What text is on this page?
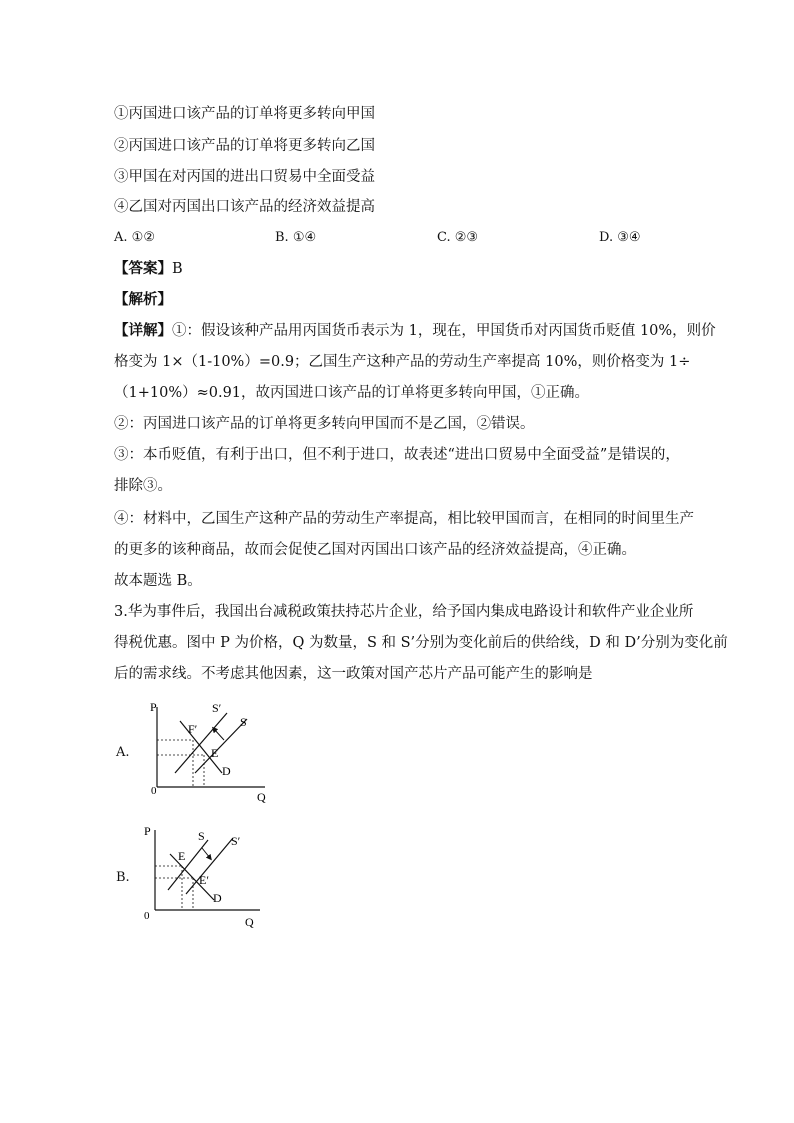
①丙国进口该产品的订单将更多转向甲国
②丙国进口该产品的订单将更多转向乙国
③甲国在对丙国的进出口贸易中全面受益
④乙国对丙国出口该产品的经济效益提高
A. ①②	B. ①④	C. ②③	D. ③④
【答案】B
【解析】
【详解】①：假设该种产品用丙国货币表示为 1，现在，甲国货币对丙国货币贬值 10%，则价
格变为 1×（1-10%）=0.9；乙国生产这种产品的劳动生产率提高 10%，则价格变为 1÷
（1+10%）≈0.91，故丙国进口该产品的订单将更多转向甲国，①正确。
②：丙国进口该产品的订单将更多转向甲国而不是乙国，②错误。
③：本币贬值，有利于出口，但不利于进口，故表述“进出口贸易中全面受益”是错误的，
排除③。
④：材料中，乙国生产这种产品的劳动生产率提高，相比较甲国而言，在相同的时间里生产
的更多的该种商品，故而会促使乙国对丙国出口该产品的经济效益提高，④正确。
故本题选 B。
3.华为事件后，我国出台减税政策扶持芯片企业，给予国内集成电路设计和软件产业企业所
得税优惠。图中 P 为价格，Q 为数量，S 和 S’分别为变化前后的供给线，D 和 D’分别为变化前
后的需求线。不考虑其他因素，这一政策对国产芯片产品可能产生的影响是
A.
P
Q
0
S′
S
F′
E
D
B.
P
Q
0
S S′
E
E′
D
